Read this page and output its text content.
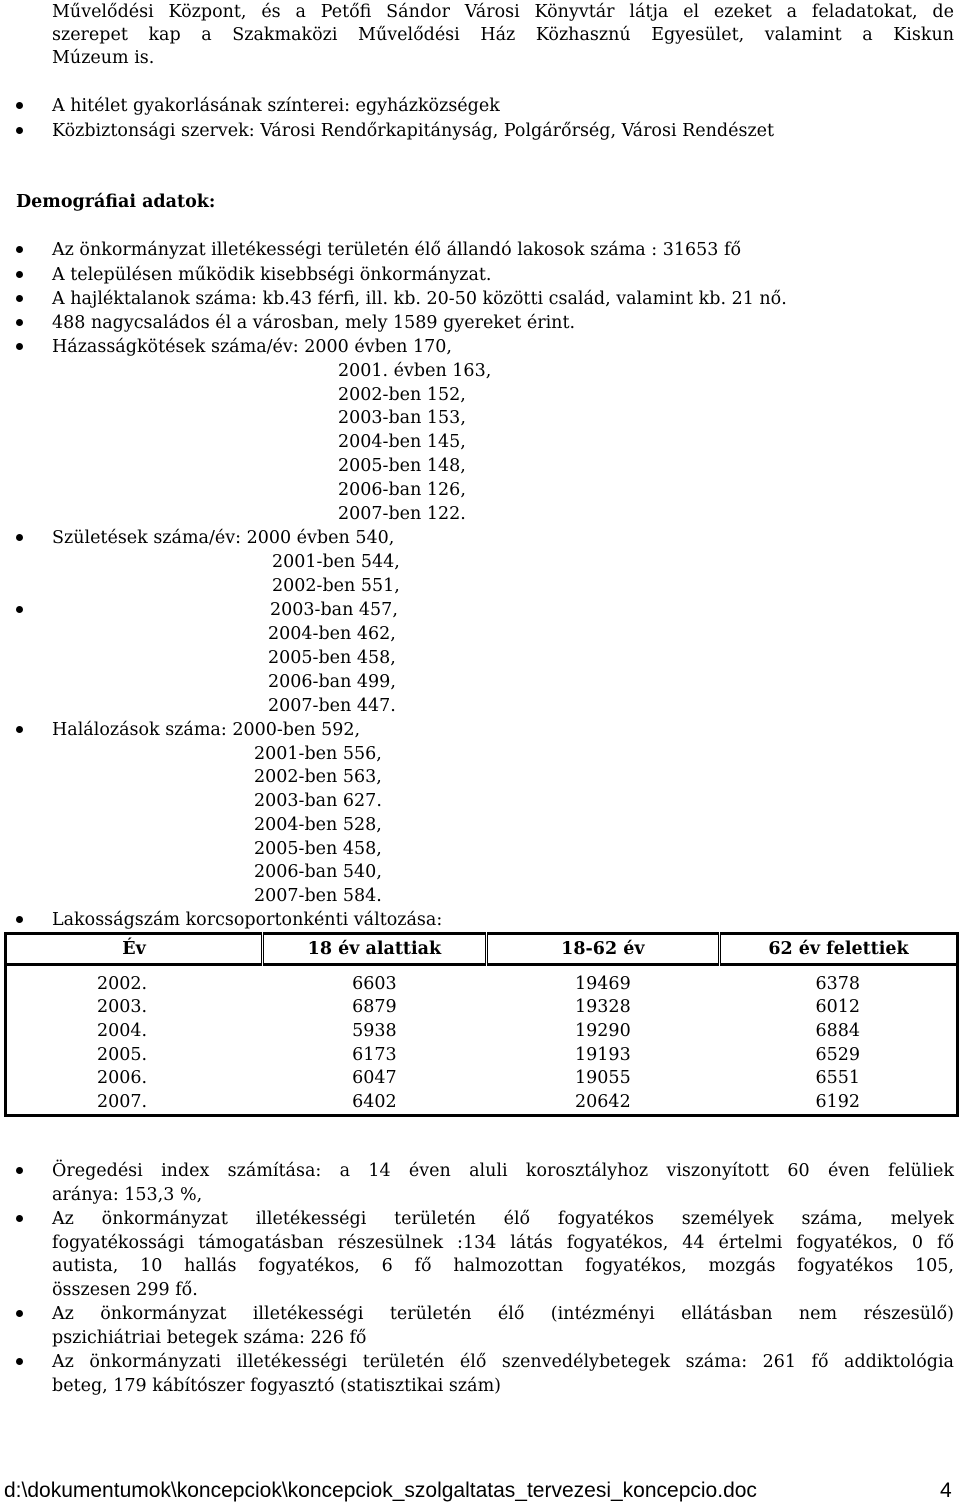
Művelődési Központ, és a Petőfi Sándor Városi Könyvtár látja el ezeket a feladatokat, de
szerepet kap a Szakmaközi Művelődési Ház Közhasznú Egyesület, valamint a Kiskun
Múzeum is.
A hitélet gyakorlásának színterei: egyházközségek
Közbiztonsági szervek: Városi Rendőrkapitányság, Polgárőrség, Városi Rendészet
Demográfiai adatok:
Az önkormányzat illetékességi területén élő állandó lakosok száma : 31653 fő
A településen működik kisebbségi önkormányzat.
A hajléktalanok száma: kb.43 férfi, ill. kb. 20-50 közötti család, valamint kb. 21 nő.
488 nagycsaládos él a városban, mely 1589 gyereket érint.
Házasságkötések száma/év: 2000 évben 170,
2001. évben 163,
2002-ben 152,
2003-ban 153,
2004-ben 145,
2005-ben 148,
2006-ban 126,
2007-ben 122.
Születések száma/év: 2000 évben 540,
2001-ben 544,
2002-ben 551,
2003-ban 457,
2004-ben 462,
2005-ben 458,
2006-ban 499,
2007-ben 447.
Halálozások száma: 2000-ben 592,
2001-ben 556,
2002-ben 563,
2003-ban 627.
2004-ben 528,
2005-ben 458,
2006-ban 540,
2007-ben 584.
Lakosságszám korcsoportonkénti változása:
Év	18 év alattiak	18-62 év	62 év felettiek
2002.	6603	19469	6378
2003.	6879	19328	6012
2004.	5938	19290	6884
2005.	6173	19193	6529
2006.	6047	19055	6551
2007.	6402	20642	6192
Öregedési index számítása: a 14 éven aluli korosztályhoz viszonyított 60 éven felüliek
aránya: 153,3 %,
Az önkormányzat illetékességi területén élő fogyatékos személyek száma, melyek
fogyatékossági támogatásban részesülnek :134 látás fogyatékos, 44 értelmi fogyatékos, 0 fő
autista, 10 hallás fogyatékos, 6 fő halmozottan fogyatékos, mozgás fogyatékos 105,
összesen 299 fő.
Az önkormányzat illetékességi területén élő (intézményi ellátásban nem részesülő)
pszichiátriai betegek száma: 226 fő
Az önkormányzati illetékességi területén élő szenvedélybetegek száma: 261 fő addiktológia
beteg, 179 kábítószer fogyasztó (statisztikai szám)
d:\dokumentumok\koncepciok\koncepciok_szolgaltatas_tervezesi_koncepcio.doc	4
